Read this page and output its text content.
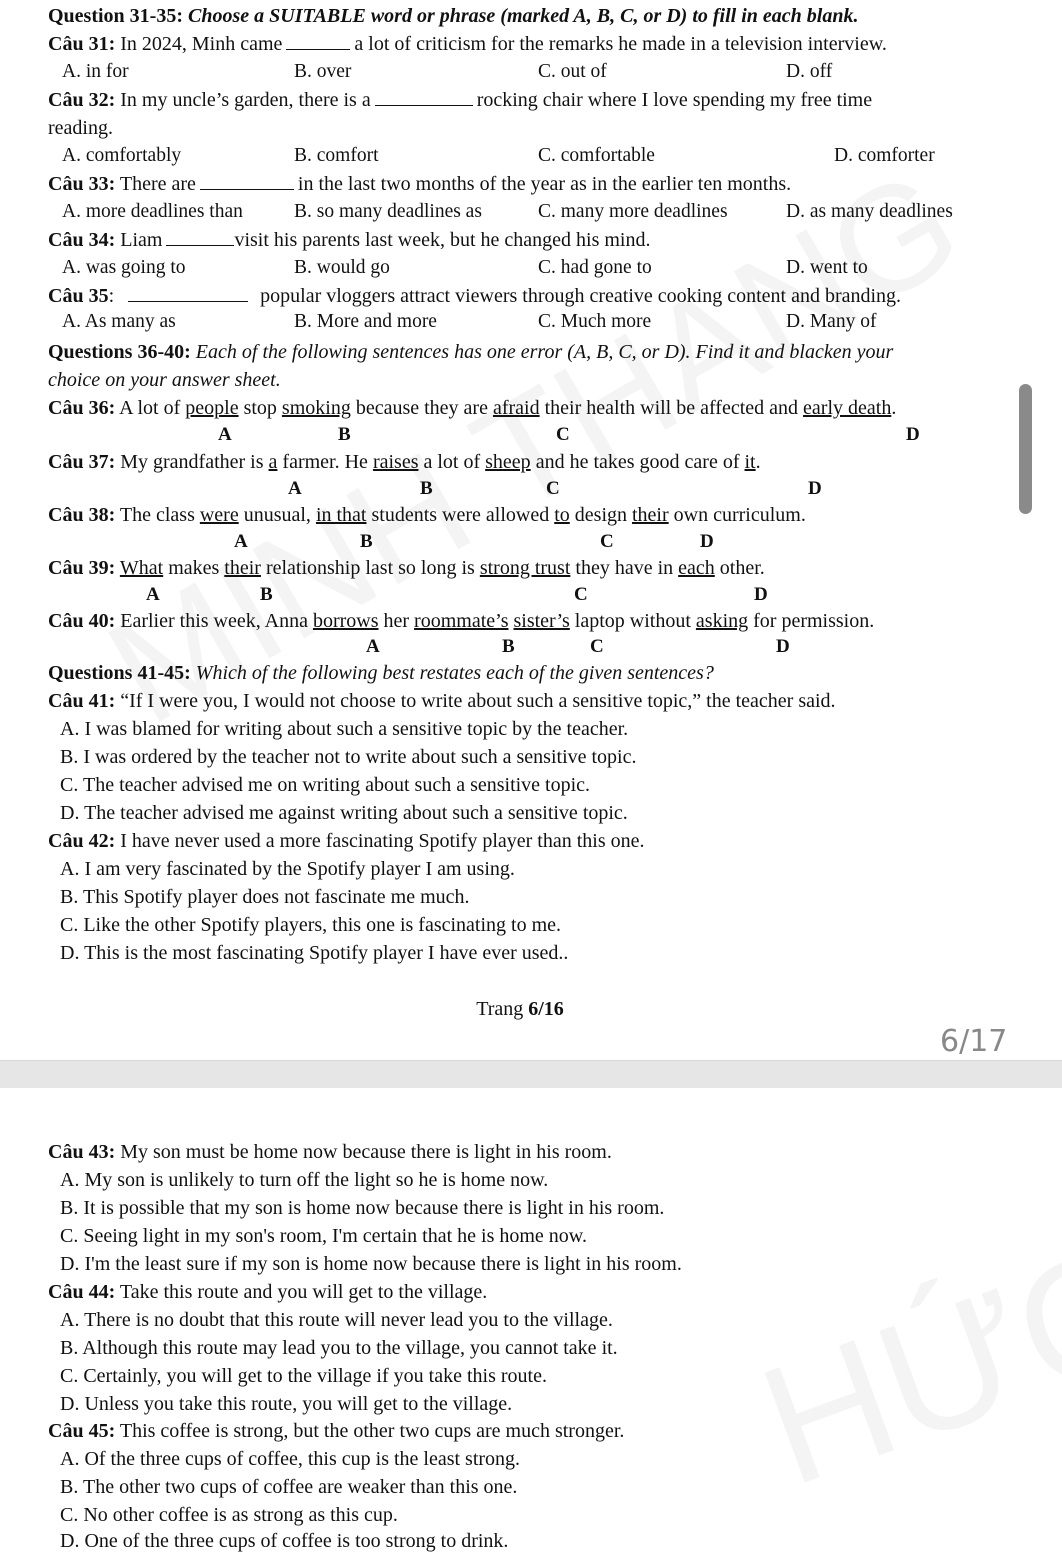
Question 31-35: Choose a SUITABLE word or phrase (marked A, B, C, or D) to fill in each blank.
Câu 31: In 2024, Minh came	a lot of criticism for the remarks he made in a television interview.
A. in for	B. over	C. out of	D. off
Câu 32: In my uncle’s garden, there is a	rocking chair where I love spending my free time
reading.
A. comfortably	B. comfort	C. comfortable	D. comforter
Câu 33: There are	in the last two months of the year as in the earlier ten months.
A. more deadlines than	B. so many deadlines as	C. many more deadlines	D. as many deadlines
Câu 34: Liam	visit his parents last week, but he changed his mind.
A. was going to	B. would go	C. had gone to	D. went to
Câu 35:	popular vloggers attract viewers through creative cooking content and branding.
A. As many as	B. More and more	C. Much more	D. Many of
Questions 36-40: Each of the following sentences has one error (A, B, C, or D). Find it and blacken your
choice on your answer sheet.
Câu 36: A lot of people stop smoking because they are afraid their health will be affected and early death.
A	B	C	D
Câu 37: My grandfather is a farmer. He raises a lot of sheep and he takes good care of it.
A	B	C	D
Câu 38: The class were unusual, in that students were allowed to design their own curriculum.
A	B	C	D
Câu 39: What makes their relationship last so long is strong trust they have in each other.
A	B	C	D
Câu 40: Earlier this week, Anna borrows her roommate’s sister’s laptop without asking for permission.
A	B	C	D
Questions 41-45: Which of the following best restates each of the given sentences?
Câu 41: “If I were you, I would not choose to write about such a sensitive topic,” the teacher said.
A. I was blamed for writing about such a sensitive topic by the teacher.
B. I was ordered by the teacher not to write about such a sensitive topic.
C. The teacher advised me on writing about such a sensitive topic.
D. The teacher advised me against writing about such a sensitive topic.
Câu 42: I have never used a more fascinating Spotify player than this one.
A. I am very fascinated by the Spotify player I am using.
B. This Spotify player does not fascinate me much.
C. Like the other Spotify players, this one is fascinating to me.
D. This is the most fascinating Spotify player I have ever used..
Trang 6/16
6/17
Câu 43: My son must be home now because there is light in his room.
A. My son is unlikely to turn off the light so he is home now.
B. It is possible that my son is home now because there is light in his room.
C. Seeing light in my son's room, I'm certain that he is home now.
D. I'm the least sure if my son is home now because there is light in his room.
Câu 44: Take this route and you will get to the village.
A. There is no doubt that this route will never lead you to the village.
B. Although this route may lead you to the village, you cannot take it.
C. Certainly, you will get to the village if you take this route.
D. Unless you take this route, you will get to the village.
Câu 45: This coffee is strong, but the other two cups are much stronger.
A. Of the three cups of coffee, this cup is the least strong.
B. The other two cups of coffee are weaker than this one.
C. No other coffee is as strong as this cup.
D. One of the three cups of coffee is too strong to drink.
